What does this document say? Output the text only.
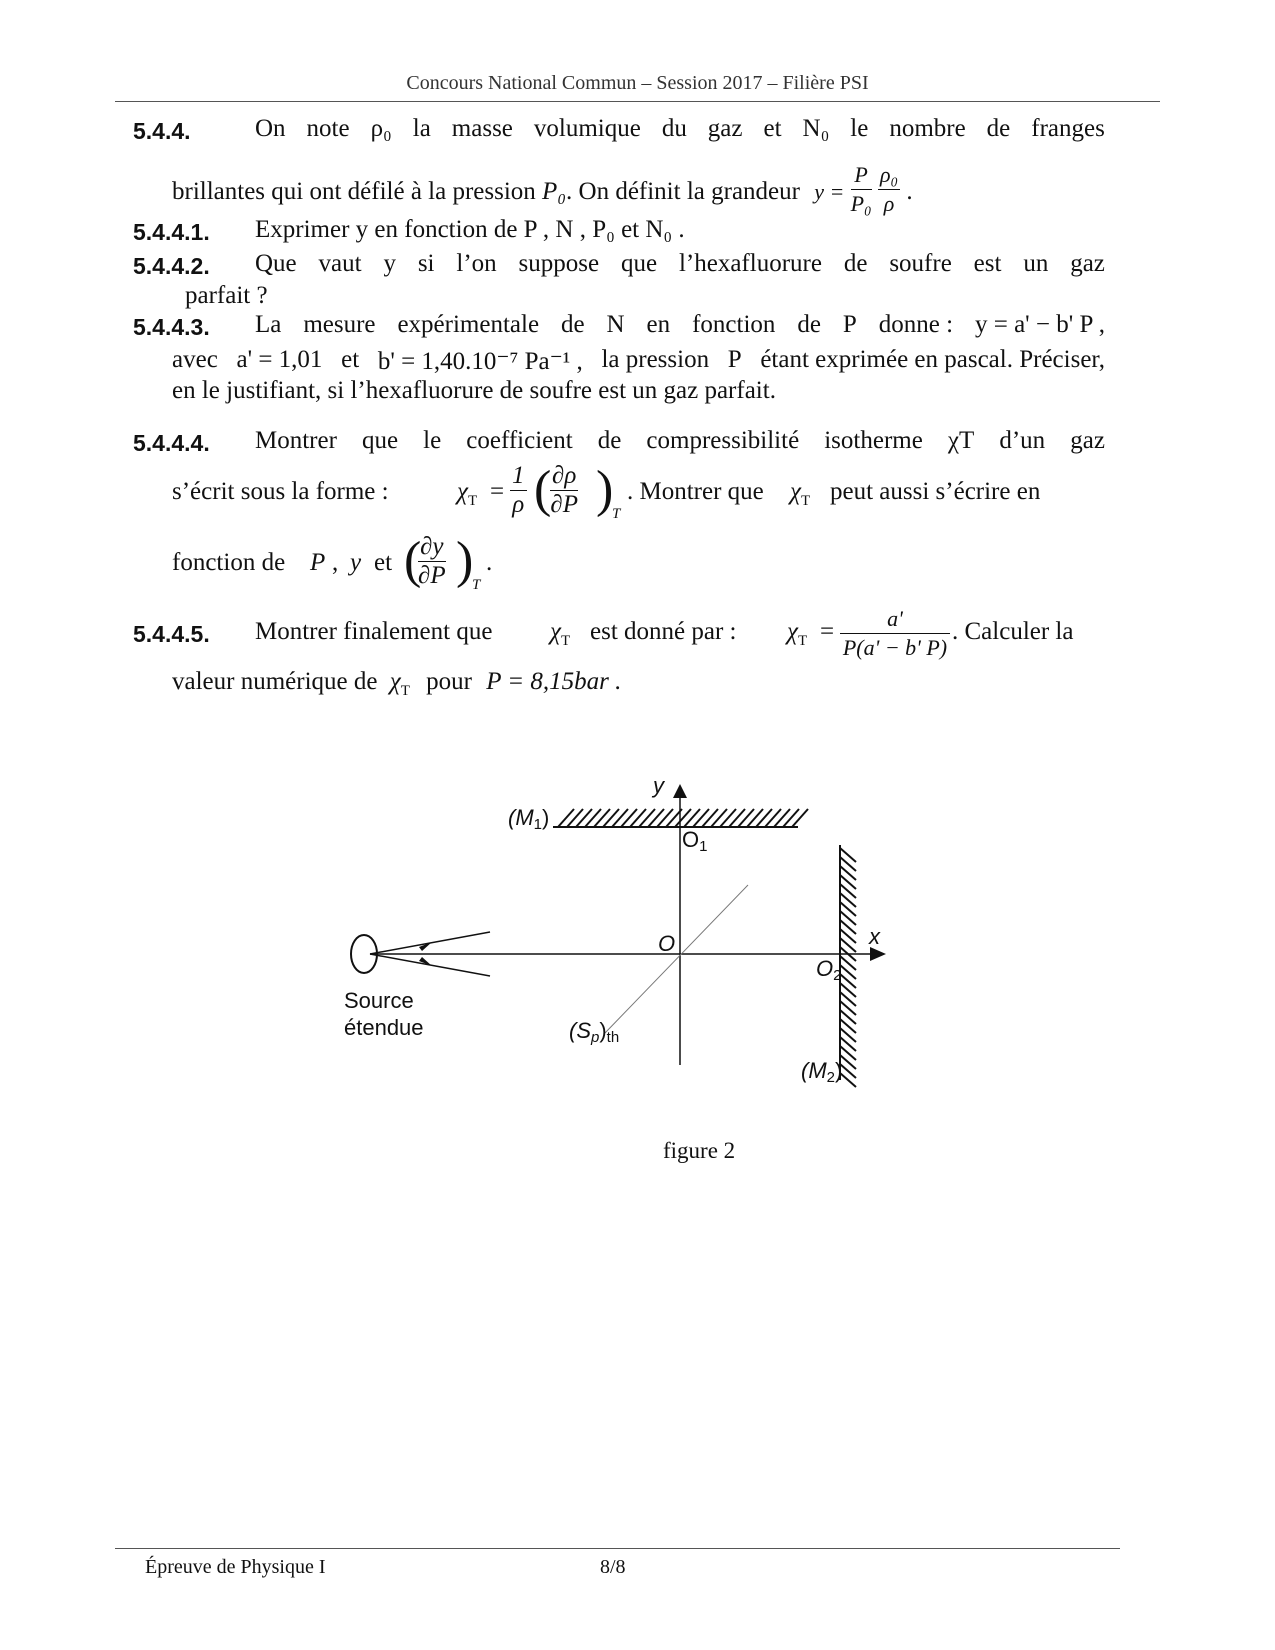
Concours National Commun – Session 2017 – Filière PSI
5.4.4.	On note ρ₀ la masse volumique du gaz et N₀ le nombre de franges
brillantes qui ont défilé à la pression P₀. On définit la grandeur $y = \frac{P}{\text{P₀}}$
$\frac{\text{ρ₀}}{\rho}$ .
5.4.4.1. Exprimer y en fonction de P , N , P₀ et N₀ .
5.4.4.2. Que vaut y si l’on suppose que l’hexafluorure de soufre est un gaz
parfait ?
5.4.4.3. La mesure expérimentale de N en fonction de P donne : y = a' − b' P ,
avec a' = 1,01 et b' = 1,40.10⁻⁷ Pa⁻¹ , la pression P étant exprimée en pascal. Préciser,
en le justifiant, si l’hexafluorure de soufre est un gaz parfait.
5.4.4.4. Montrer que le coefficient de compressibilité isotherme χT d’un gaz
s’écrit sous la forme :	$\chi_T = \frac{1}{\rho}$ (
$\frac{\partial\rho}{\partial P}$ )
T
. Montrer que $\chi_T$ peut aussi s’écrire en
fonction de P , y et (
$\frac{\partial y}{\partial P}$ )
T
.
5.4.4.5. Montrer finalement que $\chi_T$ est donné par : $\chi_T = \frac{a'}{P(a' - b' P)}$ . Calculer la
valeur numérique de $\chi_T$ pour P = 8,15bar .
y
x
(M1)
(M2)
O1
O
O2
(Sp)th
Source
étendue
figure 2
Épreuve de Physique I	8/8
